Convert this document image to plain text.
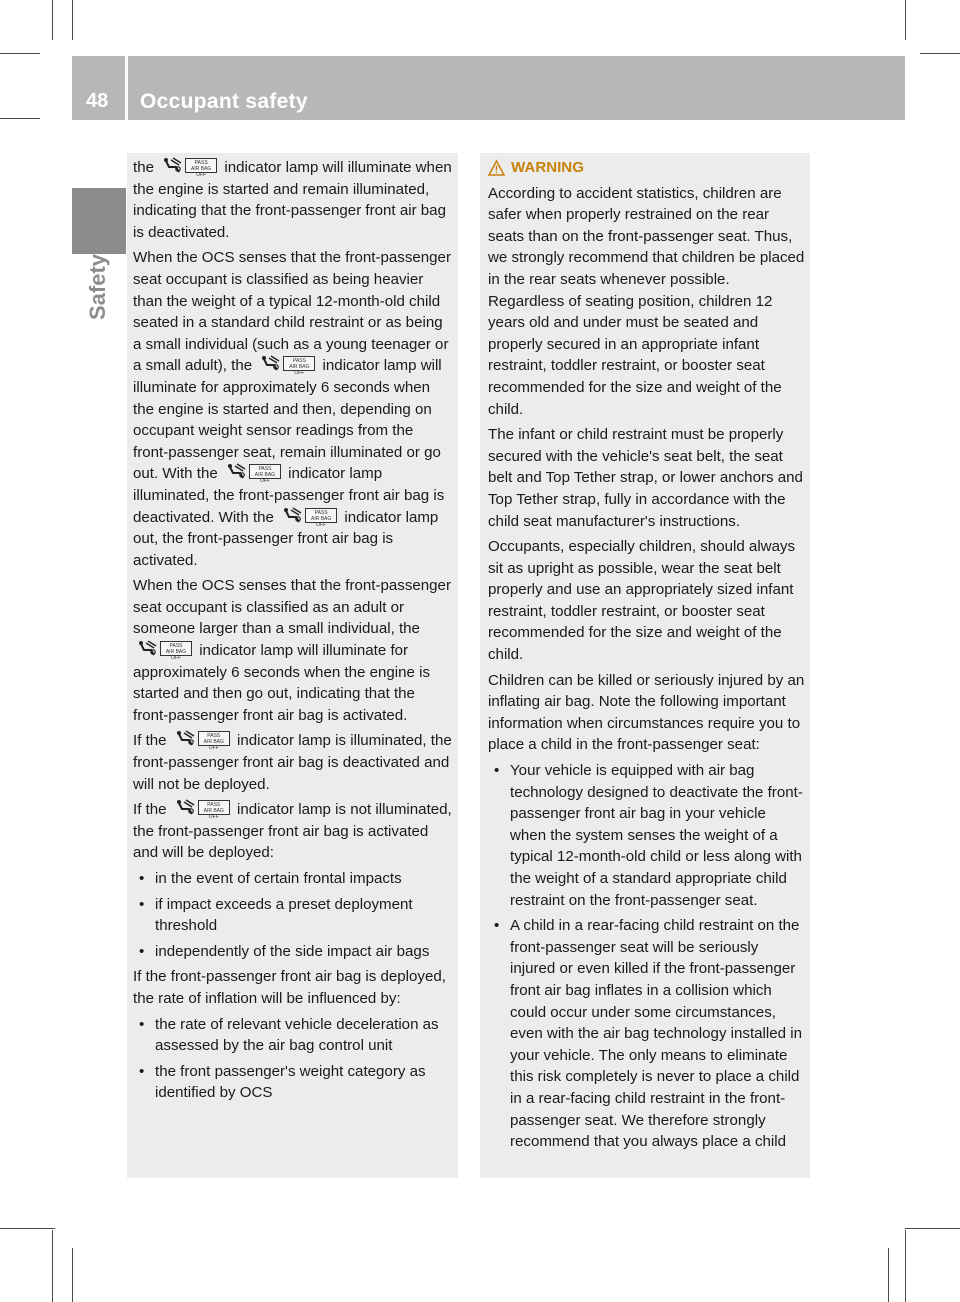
48 Occupant safety
Safety

the	PASS
AIR BAG OFF	indicator lamp will illuminate when the engine is started and remain illuminated, indicating that the front-passenger front air bag is deactivated.

When the OCS senses that the front-passenger seat occupant is classified as being heavier than the weight of a typical 12-month-old child seated in a standard child restraint or as being a small individual (such as a young teenager or a small adult), the	PASS
AIR BAG OFF	indicator lamp will illuminate for approximately 6 seconds when the engine is started and then, depending on occupant weight sensor readings from the front-passenger seat, remain illuminated or go out. With the	PASS
AIR BAG OFF	indicator lamp illuminated, the front-passenger front air bag is deactivated. With the	PASS
AIR BAG OFF	indicator lamp out, the front-passenger front air bag is activated.

When the OCS senses that the front-passenger seat occupant is classified as an adult or someone larger than a small individual, the
PASS
AIR BAG OFF	indicator lamp will illuminate for approximately 6 seconds when the engine is started and then go out, indicating that the front-passenger front air bag is activated.

If the	PASS
AIR BAG OFF	indicator lamp is illuminated, the front-passenger front air bag is deactivated and will not be deployed.

If the	PASS
AIR BAG OFF	indicator lamp is not illuminated, the front-passenger front air bag is activated and will be deployed:

• in the event of certain frontal impacts
• if impact exceeds a preset deployment threshold
• independently of the side impact air bags

If the front-passenger front air bag is deployed, the rate of inflation will be influenced by:

• the rate of relevant vehicle deceleration as assessed by the air bag control unit
• the front passenger's weight category as identified by OCS
WARNING

According to accident statistics, children are safer when properly restrained on the rear seats than on the front-passenger seat. Thus, we strongly recommend that children be placed in the rear seats whenever possible. Regardless of seating position, children 12 years old and under must be seated and properly secured in an appropriate infant restraint, toddler restraint, or booster seat recommended for the size and weight of the child.

The infant or child restraint must be properly secured with the vehicle's seat belt, the seat belt and Top Tether strap, or lower anchors and Top Tether strap, fully in accordance with the child seat manufacturer's instructions.

Occupants, especially children, should always sit as upright as possible, wear the seat belt properly and use an appropriately sized infant restraint, toddler restraint, or booster seat recommended for the size and weight of the child.

Children can be killed or seriously injured by an inflating air bag. Note the following important information when circumstances require you to place a child in the front-passenger seat:

• Your vehicle is equipped with air bag technology designed to deactivate the front-passenger front air bag in your vehicle when the system senses the weight of a typical 12-month-old child or less along with the weight of a standard appropriate child restraint on the front-passenger seat.
• A child in a rear-facing child restraint on the front-passenger seat will be seriously injured or even killed if the front-passenger front air bag inflates in a collision which could occur under some circumstances, even with the air bag technology installed in your vehicle. The only means to eliminate this risk completely is never to place a child in a rear-facing child restraint in the front-passenger seat. We therefore strongly recommend that you always place a child
